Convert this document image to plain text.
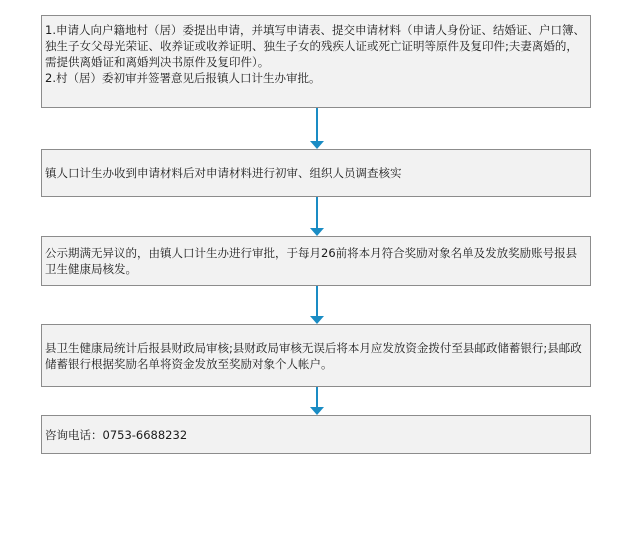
1.申请人向户籍地村（居）委提出申请，并填写申请表、提交申请材料（申请人身份证、结婚证、户口簿、独生子女父母光荣证、收养证或收养证明、独生子女的残疾人证或死亡证明等原件及复印件;夫妻离婚的，需提供离婚证和离婚判决书原件及复印件）。

2.村（居）委初审并签署意见后报镇人口计生办审批。

镇人口计生办收到申请材料后对申请材料进行初审、组织人员调查核实

公示期满无异议的，由镇人口计生办进行审批，于每月26前将本月符合奖励对象名单及发放奖励账号报县卫生健康局核发。

县卫生健康局统计后报县财政局审核;县财政局审核无误后将本月应发放资金拨付至县邮政储蓄银行;县邮政储蓄银行根据奖励名单将资金发放至奖励对象个人帐户。

咨询电话：0753-6688232
